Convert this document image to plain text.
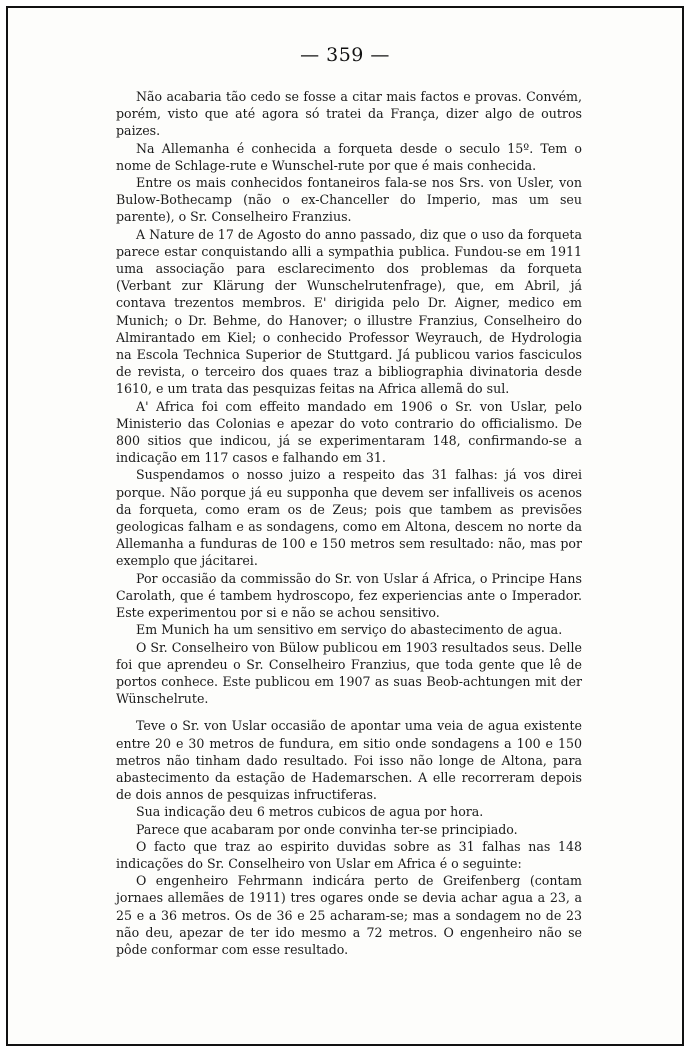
— 359 —

Não acabaria tão cedo se fosse a citar mais factos e provas. Convém, porém, visto que até agora só tratei da França, dizer algo de outros paizes.

Na Allemanha é conhecida a forqueta desde o seculo 15º. Tem o nome de Schlage-rute e Wunschel-rute por que é mais conhecida.

Entre os mais conhecidos fontaneiros fala-se nos Srs. von Usler, von Bulow-Bothecamp (não o ex-Chanceller do Imperio, mas um seu parente), o Sr. Conselheiro Franzius.

A Nature de 17 de Agosto do anno passado, diz que o uso da forqueta parece estar conquistando alli a sympathia publica. Fundou-se em 1911 uma associação para esclarecimento dos problemas da forqueta (Verbant zur Klärung der Wunschelrutenfrage), que, em Abril, já contava trezentos membros. E' dirigida pelo Dr. Aigner, medico em Munich; o Dr. Behme, do Hanover; o illustre Franzius, Conselheiro do Almirantado em Kiel; o conhecido Professor Weyrauch, de Hydrologia na Escola Technica Superior de Stuttgard. Já publicou varios fasciculos de revista, o terceiro dos quaes traz a bibliographia divinatoria desde 1610, e um trata das pesquizas feitas na Africa allemã do sul.

A' Africa foi com effeito mandado em 1906 o Sr. von Uslar, pelo Ministerio das Colonias e apezar do voto contrario do officialismo. De 800 sitios que indicou, já se experimentaram 148, confirmando-se a indicação em 117 casos e falhando em 31.

Suspendamos o nosso juizo a respeito das 31 falhas: já vos direi porque. Não porque já eu supponha que devem ser infalliveis os acenos da forqueta, como eram os de Zeus; pois que tambem as previsões geologicas falham e as sondagens, como em Altona, descem no norte da Allemanha a funduras de 100 e 150 metros sem resultado: não, mas por exemplo que jácitarei.

Por occasião da commissão do Sr. von Uslar á Africa, o Principe Hans Carolath, que é tambem hydroscopo, fez experiencias ante o Imperador. Este experimentou por si e não se achou sensitivo.

Em Munich ha um sensitivo em serviço do abastecimento de agua.

O Sr. Conselheiro von Bülow publicou em 1903 resultados seus. Delle foi que aprendeu o Sr. Conselheiro Franzius, que toda gente que lê de portos conhece. Este publicou em 1907 as suas Beob-achtungen mit der Wünschelrute.

Teve o Sr. von Uslar occasião de apontar uma veia de agua existente entre 20 e 30 metros de fundura, em sitio onde sondagens a 100 e 150 metros não tinham dado resultado. Foi isso não longe de Altona, para abastecimento da estação de Hademarschen. A elle recorreram depois de dois annos de pesquizas infructiferas.

Sua indicação deu 6 metros cubicos de agua por hora.

Parece que acabaram por onde convinha ter-se principiado.

O facto que traz ao espirito duvidas sobre as 31 falhas nas 148 indicações do Sr. Conselheiro von Uslar em Africa é o seguinte:

O engenheiro Fehrmann indicára perto de Greifenberg (contam jornaes allemães de 1911) tres ogares onde se devia achar agua a 23, a 25 e a 36 metros. Os de 36 e 25 acharam-se; mas a sondagem no de 23 não deu, apezar de ter ido mesmo a 72 metros. O engenheiro não se pôde conformar com esse resultado.
